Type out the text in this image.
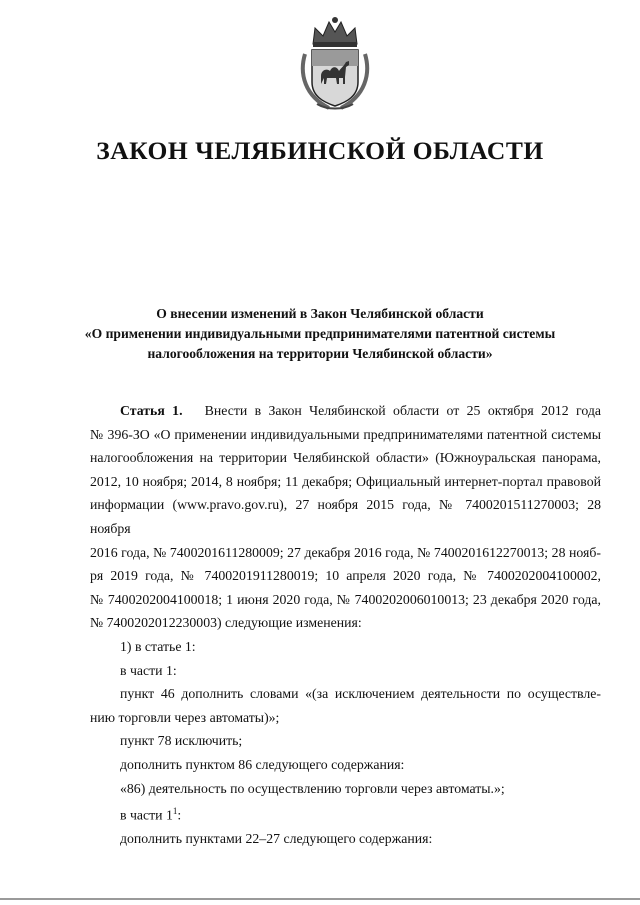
ЗАКОН ЧЕЛЯБИНСКОЙ ОБЛАСТИ
О внесении изменений в Закон Челябинской области
«О применении индивидуальными предпринимателями патентной системы
налогообложения на территории Челябинской области»
Статья 1. Внести в Закон Челябинской области от 25 октября 2012 года
№ 396-ЗО «О применении индивидуальными предпринимателями патентной системы
налогообложения на территории Челябинской области» (Южноуральская панорама,
2012, 10 ноября; 2014, 8 ноября; 11 декабря; Официальный интернет-портал правовой
информации (www.pravo.gov.ru), 27 ноября 2015 года, № 7400201511270003; 28 ноября
2016 года, № 7400201611280009; 27 декабря 2016 года, № 7400201612270013; 28 нояб-
ря 2019 года, № 7400201911280019; 10 апреля 2020 года, № 7400202004100002,
№ 7400202004100018; 1 июня 2020 года, № 7400202006010013; 23 декабря 2020 года,
№ 7400202012230003) следующие изменения:
1) в статье 1:
в части 1:
пункт 46 дополнить словами «(за исключением деятельности по осуществле-
нию торговли через автоматы)»;
пункт 78 исключить;
дополнить пунктом 86 следующего содержания:
«86) деятельность по осуществлению торговли через автоматы.»;
в части $1^1$:
дополнить пунктами 22–27 следующего содержания:
